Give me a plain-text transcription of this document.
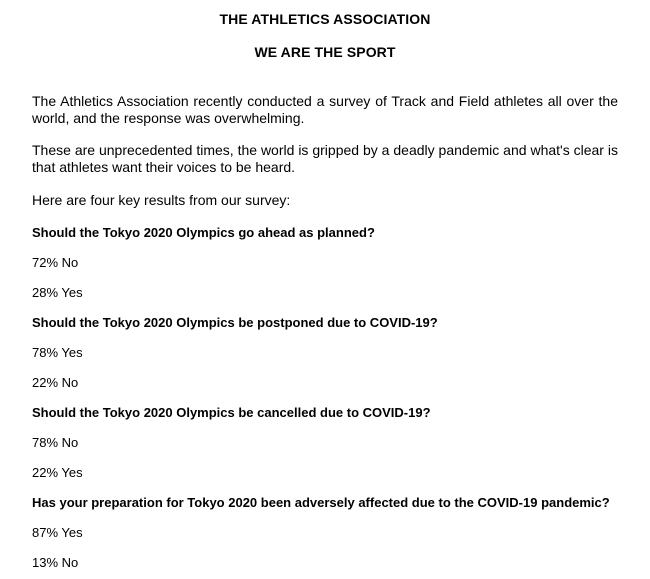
THE ATHLETICS ASSOCIATION
WE ARE THE SPORT
The Athletics Association recently conducted a survey of Track and Field athletes all over the world, and the response was overwhelming.
These are unprecedented times, the world is gripped by a deadly pandemic and what's clear is that athletes want their voices to be heard.
Here are four key results from our survey:
Should the Tokyo 2020 Olympics go ahead as planned?
72% No
28% Yes
Should the Tokyo 2020 Olympics be postponed due to COVID-19?
78% Yes
22% No
Should the Tokyo 2020 Olympics be cancelled due to COVID-19?
78% No
22% Yes
Has your preparation for Tokyo 2020 been adversely affected due to the COVID-19 pandemic?
87% Yes
13% No
